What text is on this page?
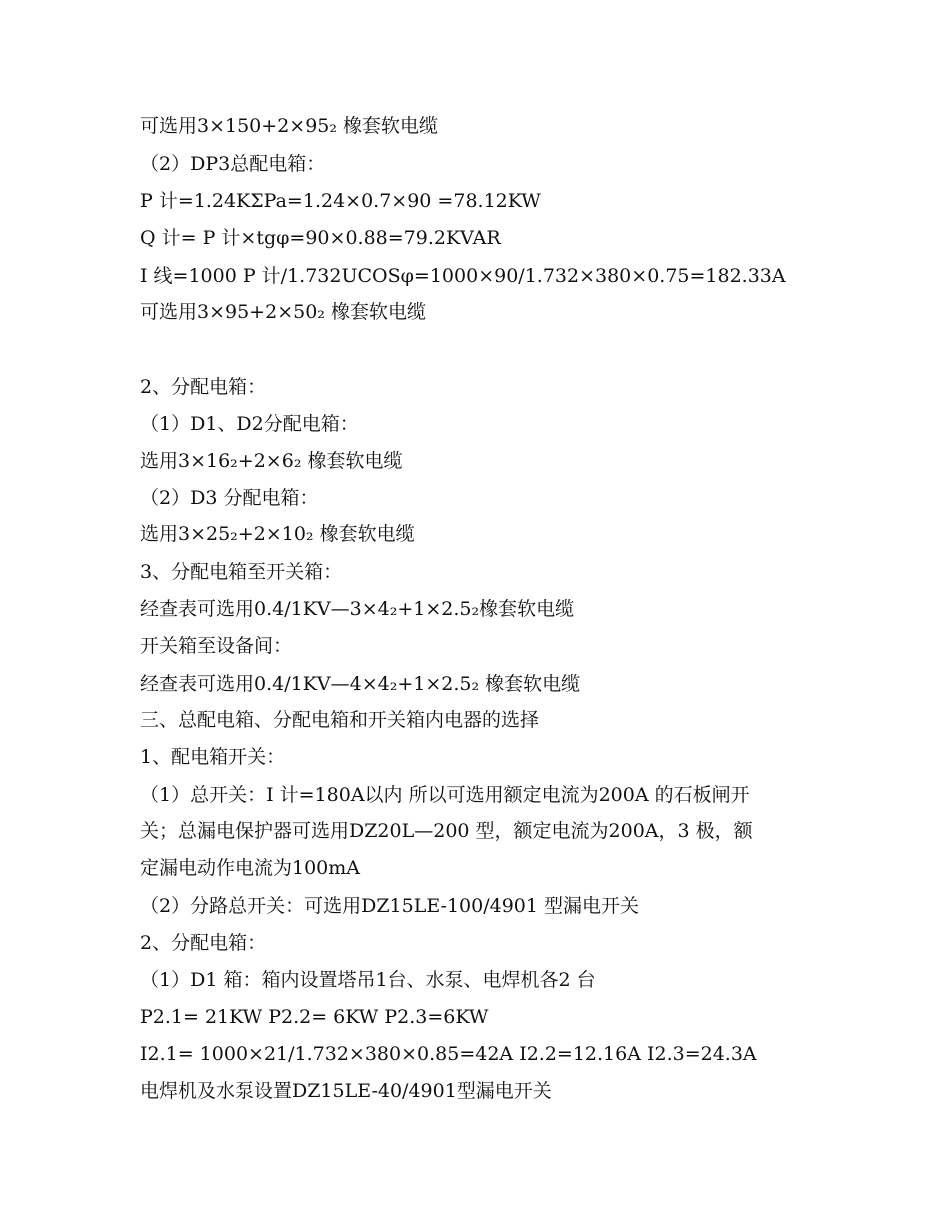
可选用3×150+2×95₂ 橡套软电缆
（2）DP3总配电箱：
P 计=1.24KΣPa=1.24×0.7×90 =78.12KW
Q 计= P 计×tgφ=90×0.88=79.2KVAR
I 线=1000 P 计/1.732UCOSφ=1000×90/1.732×380×0.75=182.33A
可选用3×95+2×50₂ 橡套软电缆
2、分配电箱：
（1）D1、D2分配电箱：
选用3×16₂+2×6₂ 橡套软电缆
（2）D3 分配电箱：
选用3×25₂+2×10₂ 橡套软电缆
3、分配电箱至开关箱：
经查表可选用0.4/1KV—3×4₂+1×2.5₂橡套软电缆
开关箱至设备间：
经查表可选用0.4/1KV—4×4₂+1×2.5₂ 橡套软电缆
三、总配电箱、分配电箱和开关箱内电器的选择
1、配电箱开关：
（1）总开关：I 计=180A以内 所以可选用额定电流为200A 的石板闸开
关；总漏电保护器可选用DZ20L—200 型，额定电流为200A，3 极，额
定漏电动作电流为100mA
（2）分路总开关：可选用DZ15LE-100/4901 型漏电开关
2、分配电箱：
（1）D1 箱：箱内设置塔吊1台、水泵、电焊机各2 台
P2.1= 21KW P2.2= 6KW P2.3=6KW
I2.1= 1000×21/1.732×380×0.85=42A I2.2=12.16A I2.3=24.3A
电焊机及水泵设置DZ15LE-40/4901型漏电开关
